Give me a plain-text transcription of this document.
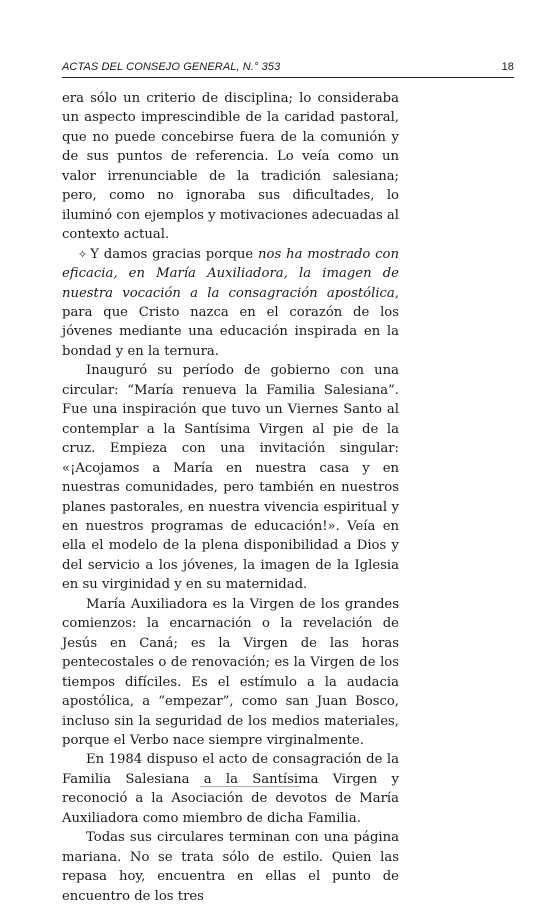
ACTAS DEL CONSEJO GENERAL, N.° 353	18

era sólo un criterio de disciplina; lo consideraba un aspecto imprescindible de la caridad pastoral, que no puede concebirse fuera de la comunión y de sus puntos de referencia. Lo veía como un valor irrenunciable de la tradición salesiana; pero, como no ignoraba sus dificultades, lo iluminó con ejemplos y motivaciones adecuadas al contexto actual.

✧ Y damos gracias porque nos ha mostrado con eficacia, en María Auxiliadora, la imagen de nuestra vocación a la consagración apostólica, para que Cristo nazca en el corazón de los jóvenes mediante una educación inspirada en la bondad y en la ternura.

Inauguró su período de gobierno con una circular: “María renueva la Familia Salesiana”. Fue una inspiración que tuvo un Viernes Santo al contemplar a la Santísima Virgen al pie de la cruz. Empieza con una invitación singular: «¡Acojamos a María en nuestra casa y en nuestras comunidades, pero también en nuestros planes pastorales, en nuestra vivencia espiritual y en nuestros programas de educación!». Veía en ella el modelo de la plena disponibilidad a Dios y del servicio a los jóvenes, la imagen de la Iglesia en su virginidad y en su maternidad.

María Auxiliadora es la Virgen de los grandes comienzos: la encarnación o la revelación de Jesús en Caná; es la Virgen de las horas pentecostales o de renovación; es la Virgen de los tiempos difíciles. Es el estímulo a la audacia apostólica, a “empezar”, como san Juan Bosco, incluso sin la seguridad de los medios materiales, porque el Verbo nace siempre virginalmente.

En 1984 dispuso el acto de consagración de la Familia Salesiana a la Santísima Virgen y reconoció a la Asociación de devotos de María Auxiliadora como miembro de dicha Familia.

Todas sus circulares terminan con una página mariana. No se trata sólo de estilo. Quien las repasa hoy, encuentra en ellas el punto de encuentro de los tres
